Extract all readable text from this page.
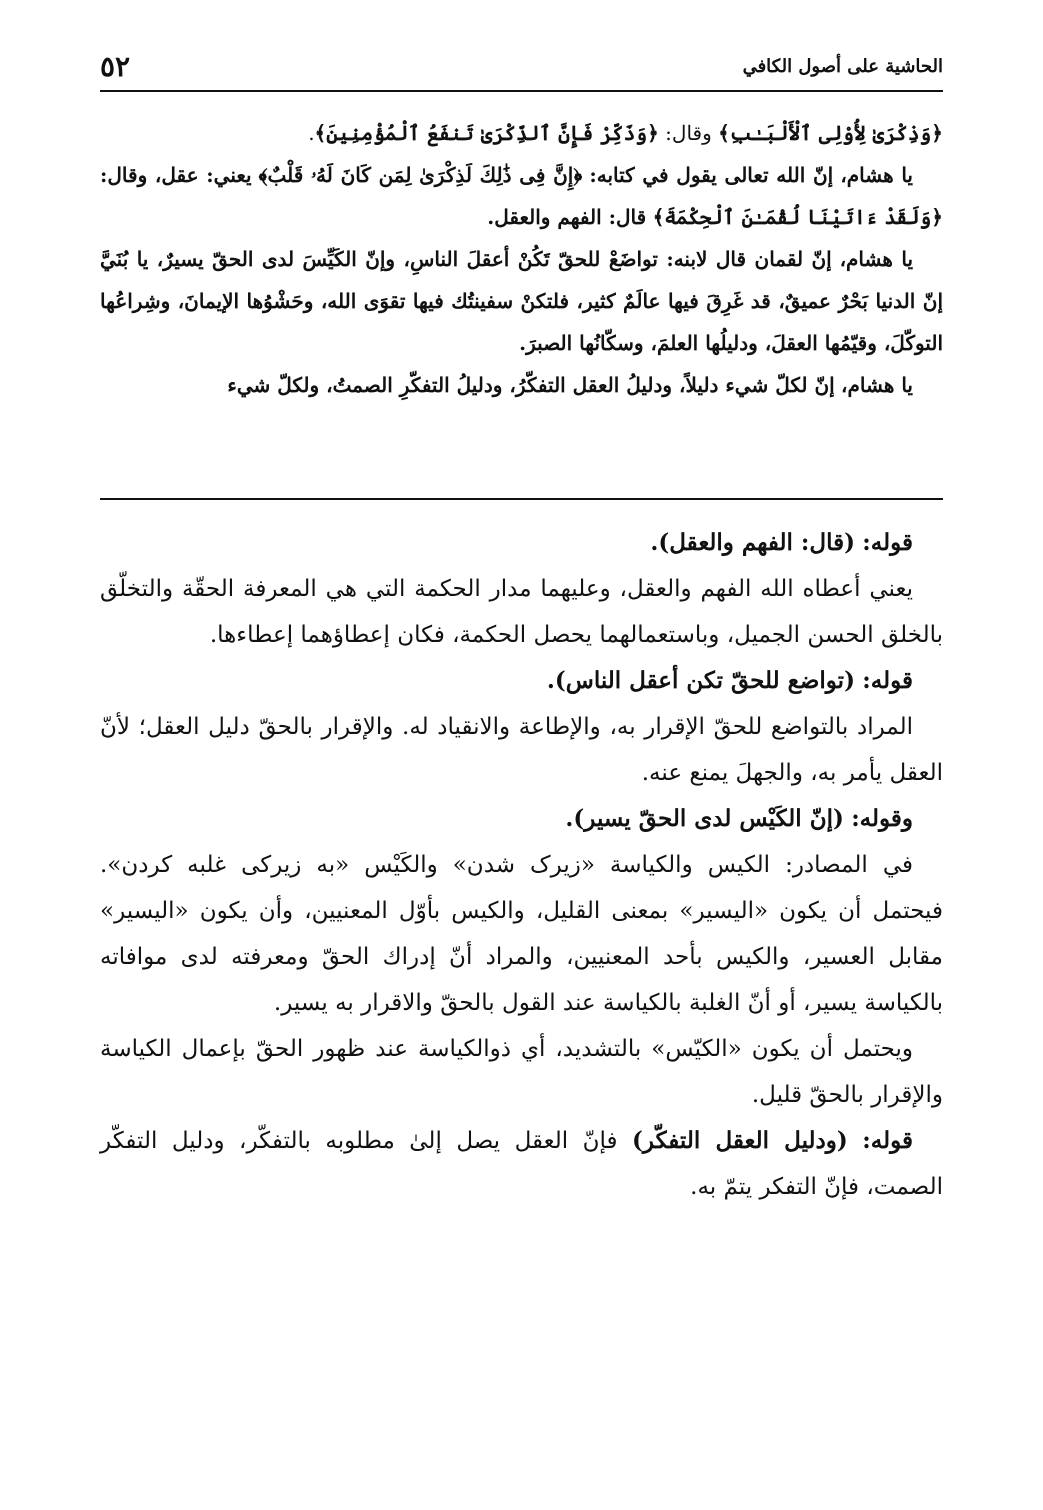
الحاشية على أصول الكافي
٥٢

﴿وَذِكْرَىٰ لِأُوْلِى ٱلْأَلْبَـٰبِ﴾ وقال: ﴿وَذَكِّرْ فَإِنَّ ٱلذِّكْرَىٰ تَنفَعُ ٱلْمُؤْمِنِينَ﴾.

يا هشام، إنّ الله تعالى يقول في كتابه: ﴿إِنَّ فِى ذَٰلِكَ لَذِكْرَىٰ لِمَن كَانَ لَهُۥ قَلْبٌ﴾ يعني: عقل، وقال: ﴿وَلَقَدْ ءَاتَيْنَا لُقْمَـٰنَ ٱلْحِكْمَةَ﴾ قال: الفهم والعقل.

يا هشام، إنّ لقمان قال لابنه: تواضَعْ للحقّ تَكُنْ أعقلَ الناسِ، وإنّ الكَيِّسَ لدى الحقّ يسيرٌ، يا بُنَيَّ إنّ الدنيا بَحْرٌ عميقٌ، قد غَرِقَ فيها عالَمٌ كثير، فلتكنْ سفينتُك فيها تقوَى الله، وحَشْوُها الإيمانَ، وشِراعُها التوكّلَ، وقيّمُها العقلَ، ودليلُها العلمَ، وسكّانُها الصبرَ.

يا هشام، إنّ لكلّ شيء دليلاً، ودليلُ العقل التفكّرُ، ودليلُ التفكّرِ الصمتُ، ولكلّ شيء

قوله: (قال: الفهم والعقل).

يعني أعطاه الله الفهم والعقل، وعليهما مدار الحكمة التي هي المعرفة الحقّة والتخلّق بالخلق الحسن الجميل، وباستعمالهما يحصل الحكمة، فكان إعطاؤهما إعطاءها.

قوله: (تواضع للحقّ تكن أعقل الناس).

المراد بالتواضع للحقّ الإقرار به، والإطاعة والانقياد له. والإقرار بالحقّ دليل العقل؛ لأنّ العقل يأمر به، والجهلَ يمنع عنه.

وقوله: (إنّ الكَيْس لدى الحقّ يسير).

في المصادر: الكيس والكياسة «زيرک شدن» والكَيْس «به زيركی غلبه كردن». فيحتمل أن يكون «اليسير» بمعنى القليل، والكيس بأوّل المعنيين، وأن يكون «اليسير» مقابل العسير، والكيس بأحد المعنيين، والمراد أنّ إدراك الحقّ ومعرفته لدى موافاته بالكياسة يسير، أو أنّ الغلبة بالكياسة عند القول بالحقّ والاقرار به يسير.

ويحتمل أن يكون «الكيّس» بالتشديد، أي ذوالكياسة عند ظهور الحقّ بإعمال الكياسة والإقرار بالحقّ قليل.

قوله: (ودليل العقل التفكّر) فإنّ العقل يصل إلىٰ مطلوبه بالتفكّر، ودليل التفكّر الصمت، فإنّ التفكر يتمّ به.
